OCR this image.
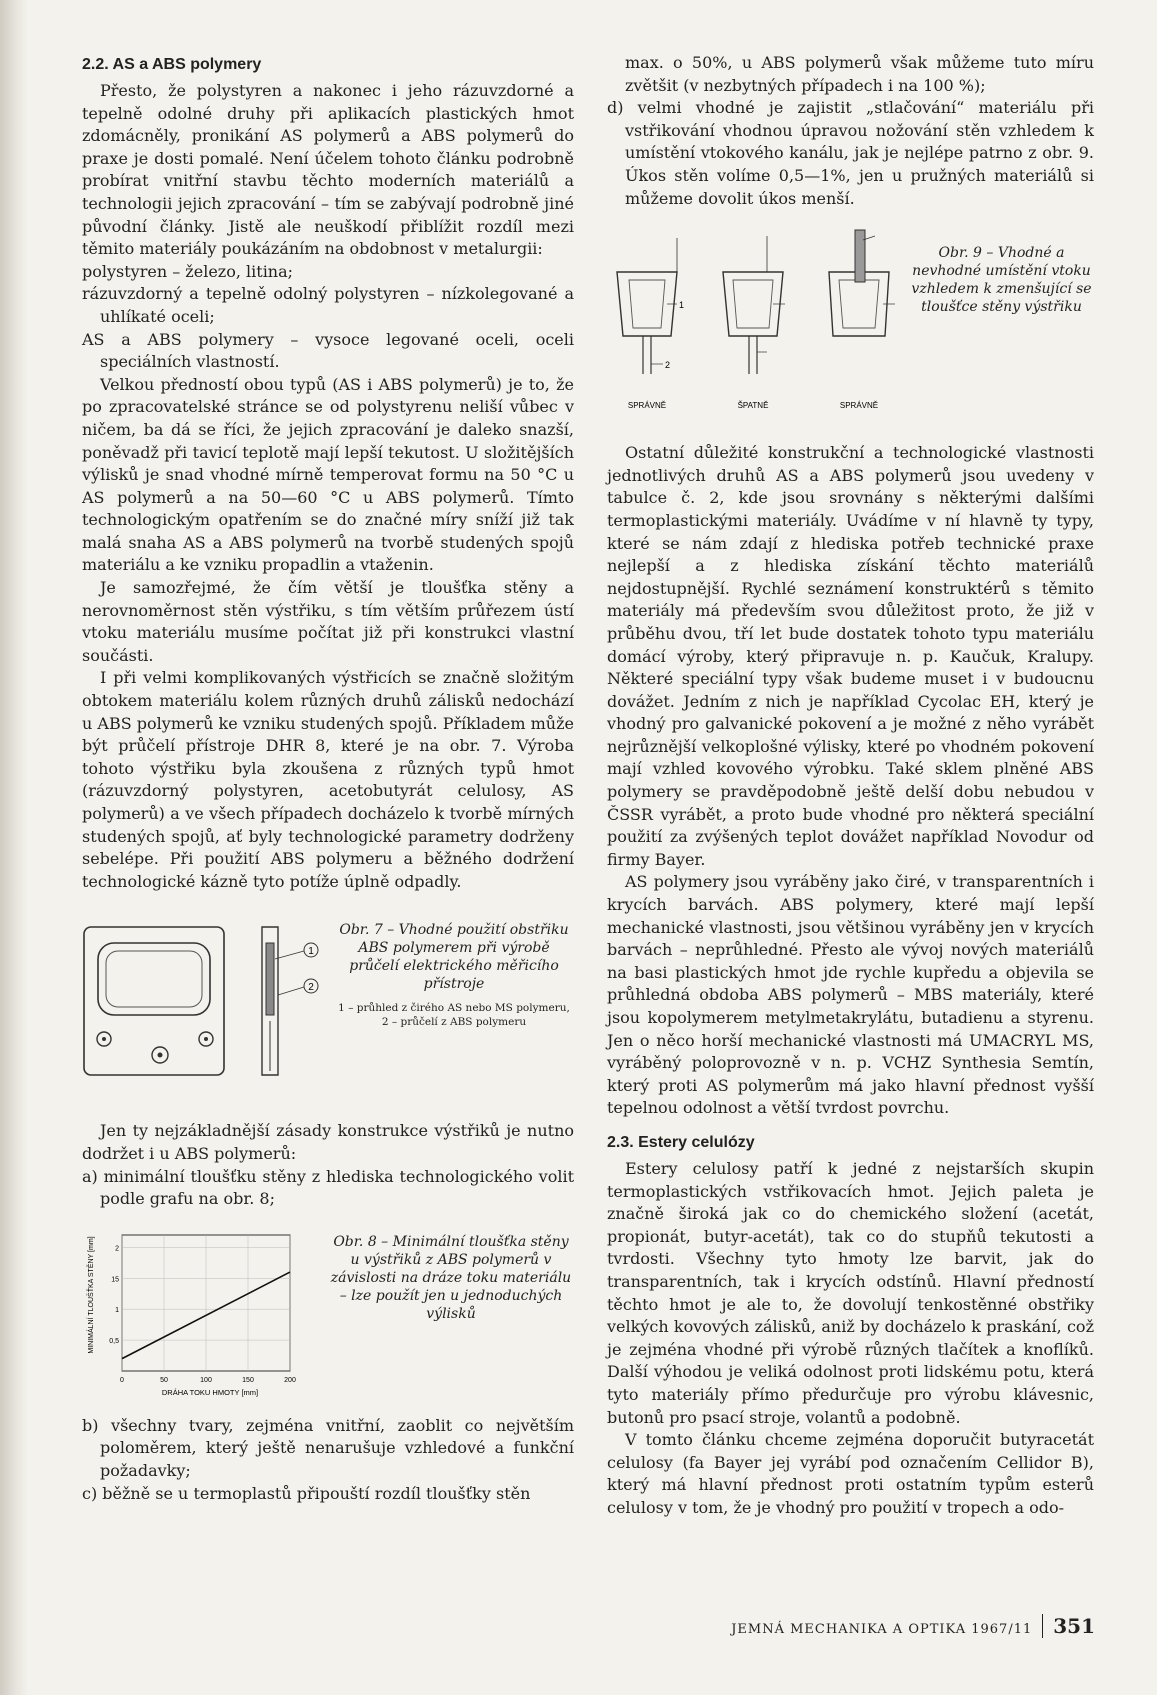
2.2. AS a ABS polymery

Přesto, že polystyren a nakonec i jeho rázuvzdorné a tepelně odolné druhy při aplikacích plastických hmot zdomácněly, pronikání AS polymerů a ABS polymerů do praxe je dosti pomalé. Není účelem tohoto článku podrobně probírat vnitřní stavbu těchto moderních materiálů a technologii jejich zpracování – tím se zabývají podrobně jiné původní články. Jistě ale neuškodí přiblížit rozdíl mezi těmito materiály poukázáním na obdobnost v metalurgii:

polystyren – železo, litina;

rázuvzdorný a tepelně odolný polystyren – nízkolegované a uhlíkaté oceli;

AS a ABS polymery – vysoce legované oceli, oceli speciálních vlastností.

Velkou předností obou typů (AS i ABS polymerů) je to, že po zpracovatelské stránce se od polystyrenu neliší vůbec v ničem, ba dá se říci, že jejich zpracování je daleko snazší, poněvadž při tavicí teplotě mají lepší tekutost. U složitějších výlisků je snad vhodné mírně temperovat formu na 50 °C u AS polymerů a na 50—60 °C u ABS polymerů. Tímto technologickým opatřením se do značné míry sníží již tak malá snaha AS a ABS polymerů na tvorbě studených spojů materiálu a ke vzniku propadlin a vtaženin.

Je samozřejmé, že čím větší je tloušťka stěny a nerovnoměrnost stěn výstřiku, s tím větším průřezem ústí vtoku materiálu musíme počítat již při konstrukci vlastní součásti.

I při velmi komplikovaných výstřicích se značně složitým obtokem materiálu kolem různých druhů zálisků nedochází u ABS polymerů ke vzniku studených spojů. Příkladem může být průčelí přístroje DHR 8, které je na obr. 7. Výroba tohoto výstřiku byla zkoušena z různých typů hmot (rázuvzdorný polystyren, acetobutyrát celulosy, AS polymerů) a ve všech případech docházelo k tvorbě mírných studených spojů, ať byly technologické parametry dodrženy sebelépe. Při použití ABS polymeru a běžného dodržení technologické kázně tyto potíže úplně odpadly.

1
2
Obr. 7 – Vhodné použití obstřiku ABS polymerem při výrobě průčelí elektrického měřicího přístroje
1 – průhled z čirého AS nebo MS polymeru, 2 – průčelí z ABS polymeru

Jen ty nejzákladnější zásady konstrukce výstřiků je nutno dodržet i u ABS polymerů:

a) minimální tloušťku stěny z hlediska technologického volit podle grafu na obr. 8;

MINIMÁLNÍ TLOUŠŤKA STĚNY [mm]
DRÁHA TOKU HMOTY [mm]
0	50	100	150	200
0,5
1
15
2	Obr. 8 – Minimální tloušťka stěny u výstřiků z ABS polymerů v závislosti na dráze toku materiálu – lze použít jen u jednoduchých výlisků

b) všechny tvary, zejména vnitřní, zaoblit co největším poloměrem, který ještě nenarušuje vzhledové a funkční požadavky;

c) běžně se u termoplastů připouští rozdíl tloušťky stěn

max. o 50%, u ABS polymerů však můžeme tuto míru zvětšit (v nezbytných případech i na 100 %);

d) velmi vhodné je zajistit „stlačování“ materiálu při vstřikování vhodnou úpravou nožování stěn vzhledem k umístění vtokového kanálu, jak je nejlépe patrno z obr. 9. Úkos stěn volíme 0,5—1%, jen u pružných materiálů si můžeme dovolit úkos menší.

1
2
SPRÁVNĚ	ŠPATNĚ	SPRÁVNĚ
Obr. 9 – Vhodné a nevhodné umístění vtoku vzhledem k zmenšující se tloušťce stěny výstřiku

Ostatní důležité konstrukční a technologické vlastnosti jednotlivých druhů AS a ABS polymerů jsou uvedeny v tabulce č. 2, kde jsou srovnány s některými dalšími termoplastickými materiály. Uvádíme v ní hlavně ty typy, které se nám zdají z hlediska potřeb technické praxe nejlepší a z hlediska získání těchto materiálů nejdostupnější. Rychlé seznámení konstruktérů s těmito materiály má především svou důležitost proto, že již v průběhu dvou, tří let bude dostatek tohoto typu materiálu domácí výroby, který připravuje n. p. Kaučuk, Kralupy. Některé speciální typy však budeme muset i v budoucnu dovážet. Jedním z nich je například Cycolac EH, který je vhodný pro galvanické pokovení a je možné z něho vyrábět nejrůznější velkoplošné výlisky, které po vhodném pokovení mají vzhled kovového výrobku. Také sklem plněné ABS polymery se pravděpodobně ještě delší dobu nebudou v ČSSR vyrábět, a proto bude vhodné pro některá speciální použití za zvýšených teplot dovážet například Novodur od firmy Bayer.

AS polymery jsou vyráběny jako čiré, v transparentních i krycích barvách. ABS polymery, které mají lepší mechanické vlastnosti, jsou většinou vyráběny jen v krycích barvách – neprůhledné. Přesto ale vývoj nových materiálů na basi plastických hmot jde rychle kupředu a objevila se průhledná obdoba ABS polymerů – MBS materiály, které jsou kopolymerem metylmetakrylátu, butadienu a styrenu. Jen o něco horší mechanické vlastnosti má UMACRYL MS, vyráběný poloprovozně v n. p. VCHZ Synthesia Semtín, který proti AS polymerům má jako hlavní přednost vyšší tepelnou odolnost a větší tvrdost povrchu.

2.3. Estery celulózy

Estery celulosy patří k jedné z nejstarších skupin termoplastických vstřikovacích hmot. Jejich paleta je značně široká jak co do chemického složení (acetát, propionát, butyr-acetát), tak co do stupňů tekutosti a tvrdosti. Všechny tyto hmoty lze barvit, jak do transparentních, tak i krycích odstínů. Hlavní předností těchto hmot je ale to, že dovolují tenkostěnné obstřiky velkých kovových zálisků, aniž by docházelo k praskání, což je zejména vhodné při výrobě různých tlačítek a knoflíků. Další výhodou je veliká odolnost proti lidskému potu, která tyto materiály přímo předurčuje pro výrobu klávesnic, butonů pro psací stroje, volantů a podobně.

V tomto článku chceme zejména doporučit butyracetát celulosy (fa Bayer jej vyrábí pod označením Cellidor B), který má hlavní přednost proti ostatním typům esterů celulosy v tom, že je vhodný pro použití v tropech a odo-

JEMNÁ MECHANIKA A OPTIKA 1967/11 351
